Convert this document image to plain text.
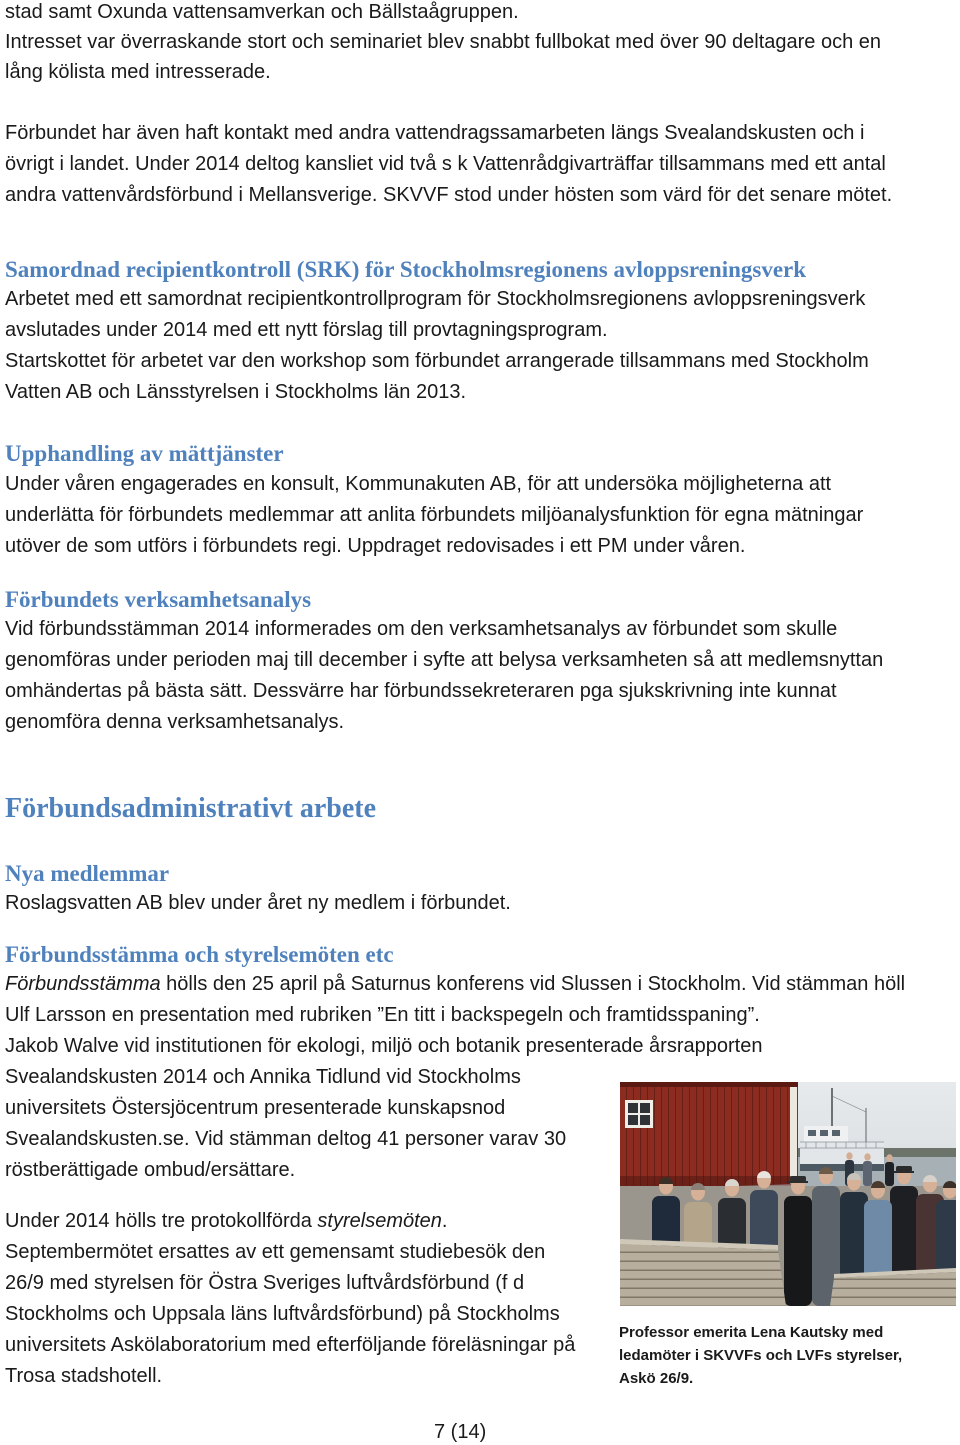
stad samt Oxunda vattensamverkan och Bällstaågruppen.
Intresset var överraskande stort och seminariet blev snabbt fullbokat med över 90 deltagare och en
lång kölista med intresserade.
Förbundet har även haft kontakt med andra vattendragssamarbeten längs Svealandskusten och i
övrigt i landet. Under 2014 deltog kansliet vid två s k Vattenrådgivarträffar tillsammans med ett antal
andra vattenvårdsförbund i Mellansverige. SKVVF stod under hösten som värd för det senare mötet.
Samordnad recipientkontroll (SRK) för Stockholmsregionens avloppsreningsverk
Arbetet med ett samordnat recipientkontrollprogram för Stockholmsregionens avloppsreningsverk
avslutades under 2014 med ett nytt förslag till provtagningsprogram.
Startskottet för arbetet var den workshop som förbundet arrangerade tillsammans med Stockholm
Vatten AB och Länsstyrelsen i Stockholms län 2013.
Upphandling av mättjänster
Under våren engagerades en konsult, Kommunakuten AB, för att undersöka möjligheterna att
underlätta för förbundets medlemmar att anlita förbundets miljöanalysfunktion för egna mätningar
utöver de som utförs i förbundets regi. Uppdraget redovisades i ett PM under våren.
Förbundets verksamhetsanalys
Vid förbundsstämman 2014 informerades om den verksamhetsanalys av förbundet som skulle
genomföras under perioden maj till december i syfte att belysa verksamheten så att medlemsnyttan
omhändertas på bästa sätt. Dessvärre har förbundssekreteraren pga sjukskrivning inte kunnat
genomföra denna verksamhetsanalys.
Förbundsadministrativt arbete
Nya medlemmar
Roslagsvatten AB blev under året ny medlem i förbundet.
Förbundsstämma och styrelsemöten etc
Förbundsstämma hölls den 25 april på Saturnus konferens vid Slussen i Stockholm. Vid stämman höll
Ulf Larsson en presentation med rubriken ”En titt i backspegeln och framtidsspaning”.
Jakob Walve vid institutionen för ekologi, miljö och botanik presenterade årsrapporten
Svealandskusten 2014 och Annika Tidlund vid Stockholms
universitets Östersjöcentrum presenterade kunskapsnod
Svealandskusten.se. Vid stämman deltog 41 personer varav 30
röstberättigade ombud/ersättare.
Under 2014 hölls tre protokollförda styrelsemöten.
Septembermötet ersattes av ett gemensamt studiebesök den
26/9 med styrelsen för Östra Sveriges luftvårdsförbund (f d
Stockholms och Uppsala läns luftvårdsförbund) på Stockholms
universitets Askölaboratorium med efterföljande föreläsningar på
Trosa stadshotell.
Professor emerita Lena Kautsky med
ledamöter i SKVVFs och LVFs styrelser,
Askö 26/9.
7 (14)
